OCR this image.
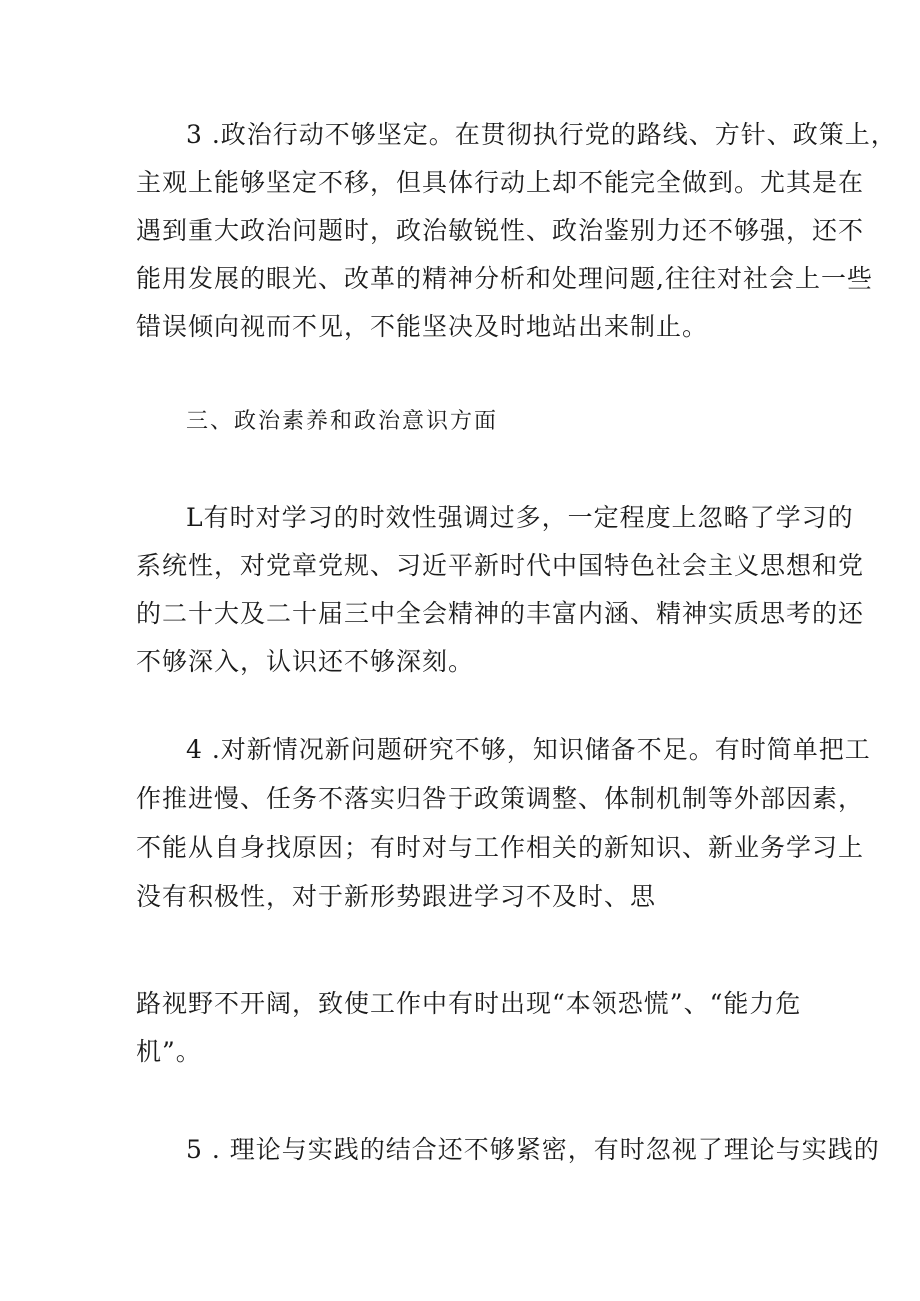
3 .政治行动不够坚定。在贯彻执行党的路线、方针、政策上，
主观上能够坚定不移，但具体行动上却不能完全做到。尤其是在
遇到重大政治问题时，政治敏锐性、政治鉴别力还不够强，还不
能用发展的眼光、改革的精神分析和处理问题,往往对社会上一些
错误倾向视而不见，不能坚决及时地站出来制止。
三、政治素养和政治意识方面
L有时对学习的时效性强调过多，一定程度上忽略了学习的
系统性，对党章党规、习近平新时代中国特色社会主义思想和党
的二十大及二十届三中全会精神的丰富内涵、精神实质思考的还
不够深入，认识还不够深刻。
4 .对新情况新问题研究不够，知识储备不足。有时简单把工
作推进慢、任务不落实归咎于政策调整、体制机制等外部因素，
不能从自身找原因；有时对与工作相关的新知识、新业务学习上
没有积极性，对于新形势跟进学习不及时、思
路视野不开阔，致使工作中有时出现“本领恐慌”、“能力危
机”。
5 . 理论与实践的结合还不够紧密，有时忽视了理论与实践的
